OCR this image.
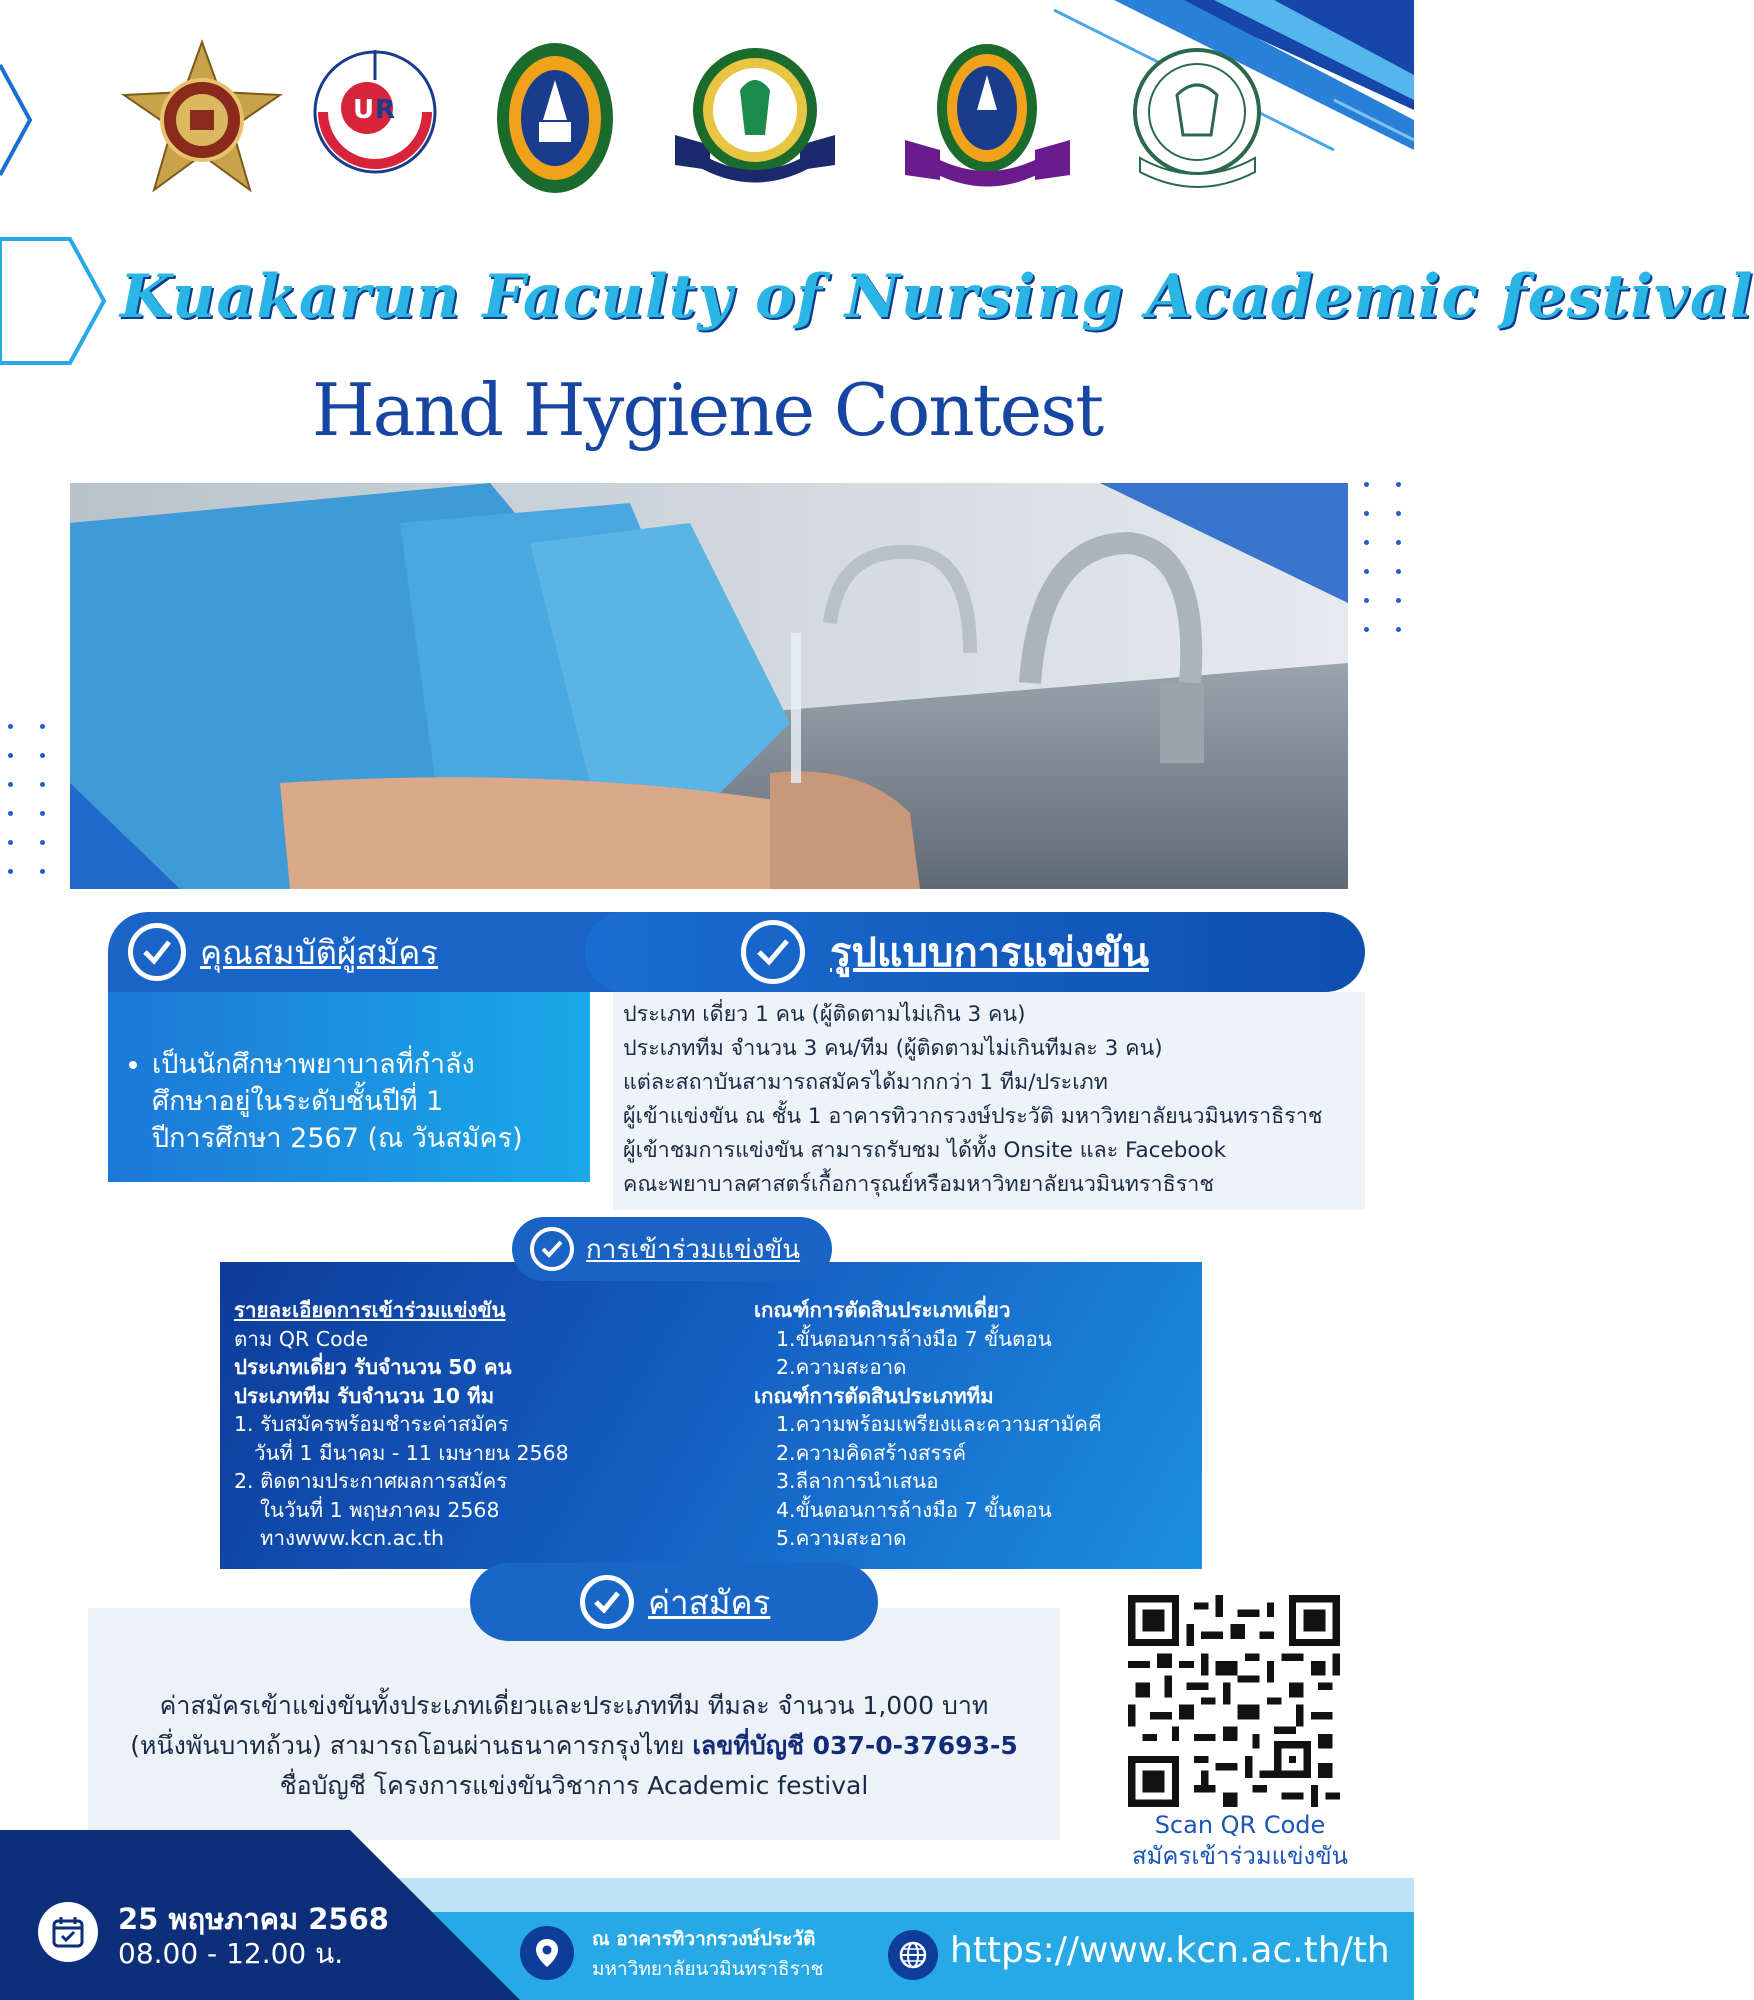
U R
Kuakarun Faculty of Nursing Academic festival
Hand Hygiene Contest
คุณสมบัติผู้สมัคร	รูปแบบการแข่งขัน
• เป็นนักศึกษาพยาบาลที่กำลัง
ศึกษาอยู่ในระดับชั้นปีที่ 1
ปีการศึกษา 2567 (ณ วันสมัคร)
ประเภท เดี่ยว 1 คน (ผู้ติดตามไม่เกิน 3 คน)
ประเภททีม จำนวน 3 คน/ทีม (ผู้ติดตามไม่เกินทีมละ 3 คน)
แต่ละสถาบันสามารถสมัครได้มากกว่า 1 ทีม/ประเภท
ผู้เข้าแข่งขัน ณ ชั้น 1 อาคารทิวากรวงษ์ประวัติ มหาวิทยาลัยนวมินทราธิราช
ผู้เข้าชมการแข่งขัน สามารถรับชม ได้ทั้ง Onsite และ Facebook
คณะพยาบาลศาสตร์เกื้อการุณย์หรือมหาวิทยาลัยนวมินทราธิราช
รายละเอียดการเข้าร่วมแข่งขัน
ตาม QR Code
ประเภทเดี่ยว รับจำนวน 50 คน
ประเภททีม รับจำนวน 10 ทีม
1. รับสมัครพร้อมชำระค่าสมัคร
วันที่ 1 มีนาคม - 11 เมษายน 2568
2. ติดตามประกาศผลการสมัคร
ในวันที่ 1 พฤษภาคม 2568
ทางwww.kcn.ac.th
เกณฑ์การตัดสินประเภทเดี่ยว
1.ขั้นตอนการล้างมือ 7 ขั้นตอน
2.ความสะอาด
เกณฑ์การตัดสินประเภททีม
1.ความพร้อมเพรียงและความสามัคคี
2.ความคิดสร้างสรรค์
3.ลีลาการนำเสนอ
4.ขั้นตอนการล้างมือ 7 ขั้นตอน
5.ความสะอาด
การเข้าร่วมแข่งขัน
ค่าสมัครเข้าแข่งขันทั้งประเภทเดี่ยวและประเภททีม ทีมละ จำนวน 1,000 บาท
(หนึ่งพันบาทถ้วน) สามารถโอนผ่านธนาคารกรุงไทย เลขที่บัญชี 037-0-37693-5
ชื่อบัญชี โครงการแข่งขันวิชาการ Academic festival
ค่าสมัคร
Scan QR Code
สมัครเข้าร่วมแข่งขัน
25 พฤษภาคม 2568
08.00 - 12.00 น.	ณ อาคารทิวากรวงษ์ประวัติ
มหาวิทยาลัยนวมินทราธิราช	https://www.kcn.ac.th/th
